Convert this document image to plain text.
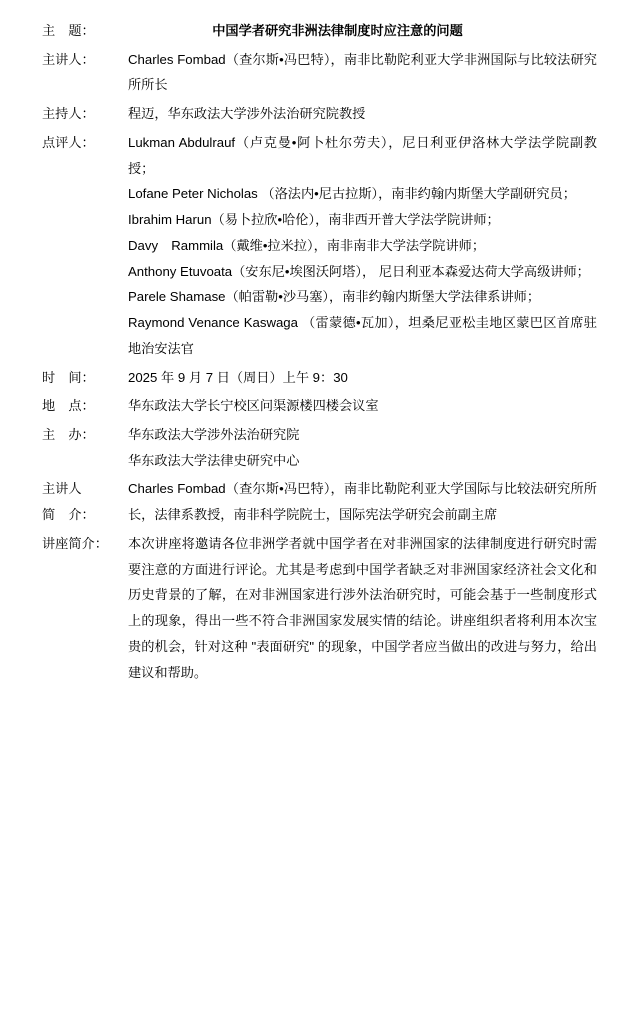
主　题：	中国学者研究非洲法律制度时应注意的问题
主讲人：	Charles Fombad（查尔斯•冯巴特），南非比勒陀利亚大学非洲国际与比较法研究所所长
主持人：	程迈，华东政法大学涉外法治研究院教授
点评人：	Lukman Abdulrauf（卢克曼•阿卜杜尔劳夫），尼日利亚伊洛林大学法学院副教授；

Lofane Peter Nicholas （洛法内•尼古拉斯），南非约翰内斯堡大学副研究员；

Ibrahim Harun（易卜拉欣•哈伦），南非西开普大学法学院讲师；

Davy　Rammila（戴维•拉米拉），南非南非大学法学院讲师；

Anthony Etuvoata（安东尼•埃图沃阿塔）， 尼日利亚本森爱达荷大学高级讲师；

Parele Shamase（帕雷勒•沙马塞），南非约翰内斯堡大学法律系讲师；

Raymond Venance Kaswaga （雷蒙德•瓦加），坦桑尼亚松圭地区蒙巴区首席驻地治安法官

时　间：	2025 年 9 月 7 日（周日）上午 9：30
地　点：	华东政法大学长宁校区问渠源楼四楼会议室
主　办：	华东政法大学涉外法治研究院

华东政法大学法律史研究中心

主讲人
简　介：
Charles Fombad（查尔斯•冯巴特），南非比勒陀利亚大学国际与比较法研究所所长，法律系教授，南非科学院院士，国际宪法学研究会前副主席
讲座简介：	本次讲座将邀请各位非洲学者就中国学者在对非洲国家的法律制度进行研究时需要注意的方面进行评论。尤其是考虑到中国学者缺乏对非洲国家经济社会文化和历史背景的了解，在对非洲国家进行涉外法治研究时，可能会基于一些制度形式上的现象，得出一些不符合非洲国家发展实情的结论。讲座组织者将利用本次宝贵的机会，针对这种 "表面研究" 的现象，中国学者应当做出的改进与努力，给出建议和帮助。
